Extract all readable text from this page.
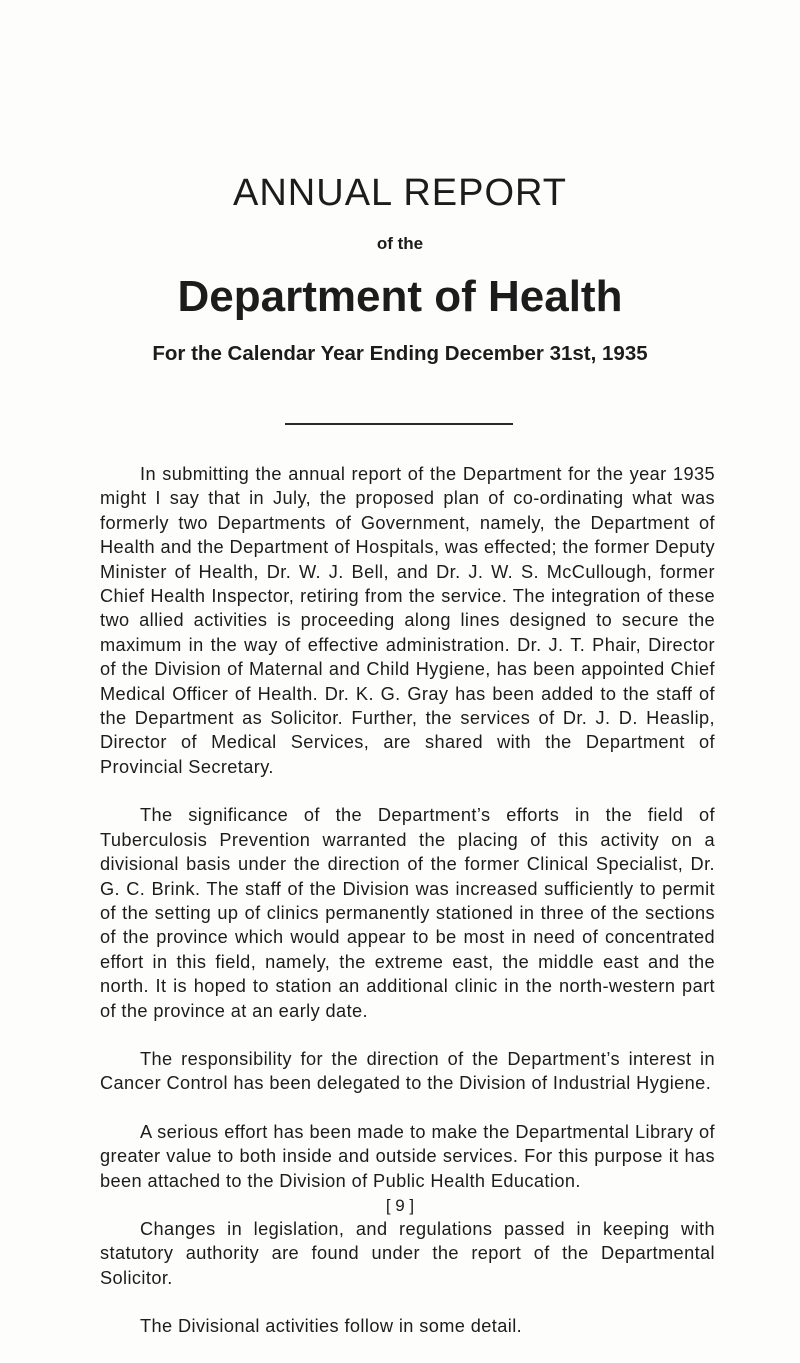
ANNUAL REPORT
of the
Department of Health
For the Calendar Year Ending December 31st, 1935

In submitting the annual report of the Department for the year 1935 might I say that in July, the proposed plan of co-ordinating what was formerly two Departments of Government, namely, the Department of Health and the Department of Hospitals, was effected; the former Deputy Minister of Health, Dr. W. J. Bell, and Dr. J. W. S. McCullough, former Chief Health Inspector, retiring from the service. The integration of these two allied activities is proceeding along lines designed to secure the maximum in the way of effective administration. Dr. J. T. Phair, Director of the Division of Maternal and Child Hygiene, has been appointed Chief Medical Officer of Health. Dr. K. G. Gray has been added to the staff of the Department as Solicitor. Further, the services of Dr. J. D. Heaslip, Director of Medical Services, are shared with the Department of Provincial Secretary.

The significance of the Department’s efforts in the field of Tuberculosis Prevention warranted the placing of this activity on a divisional basis under the direction of the former Clinical Specialist, Dr. G. C. Brink. The staff of the Division was increased sufficiently to permit of the setting up of clinics permanently stationed in three of the sections of the province which would appear to be most in need of concentrated effort in this field, namely, the extreme east, the middle east and the north. It is hoped to station an additional clinic in the north-western part of the province at an early date.

The responsibility for the direction of the Department’s interest in Cancer Control has been delegated to the Division of Industrial Hygiene.

A serious effort has been made to make the Departmental Library of greater value to both inside and outside services. For this purpose it has been attached to the Division of Public Health Education.

Changes in legislation, and regulations passed in keeping with statutory authority are found under the report of the Departmental Solicitor.

The Divisional activities follow in some detail.

[ 9 ]
